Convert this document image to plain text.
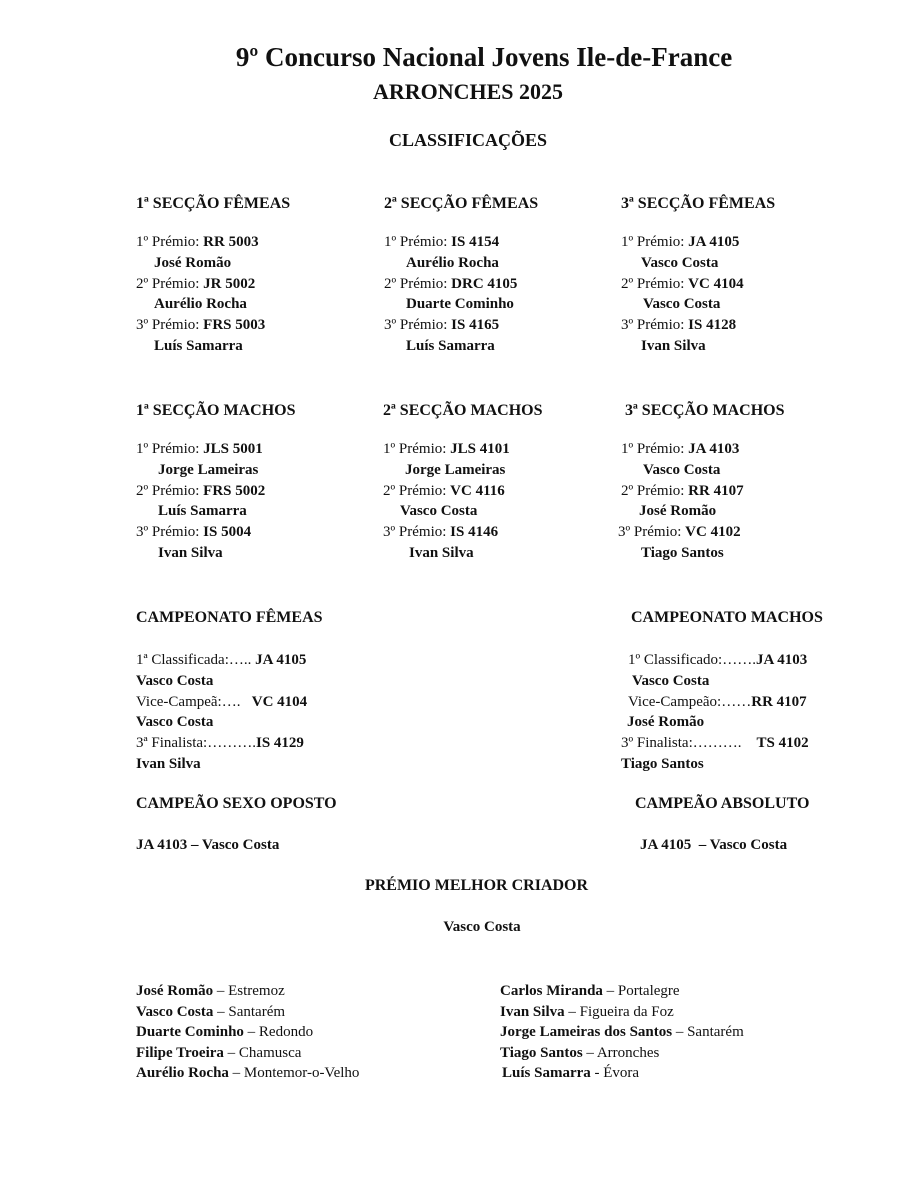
9º Concurso Nacional Jovens Ile-de-France
ARRONCHES 2025
CLASSIFICAÇÕES
1ª SECÇÃO FÊMEAS
1º Prémio: RR 5003
José Romão
2º Prémio: JR 5002
Aurélio Rocha
3º Prémio: FRS 5003
Luís Samarra
2ª SECÇÃO FÊMEAS
1º Prémio: IS 4154
Aurélio Rocha
2º Prémio: DRC 4105
Duarte Cominho
3º Prémio: IS 4165
Luís Samarra
3ª SECÇÃO FÊMEAS
1º Prémio: JA 4105
Vasco Costa
2º Prémio: VC 4104
Vasco Costa
3º Prémio: IS 4128
Ivan Silva
1ª SECÇÃO MACHOS
1º Prémio: JLS 5001
Jorge Lameiras
2º Prémio: FRS 5002
Luís Samarra
3º Prémio: IS 5004
Ivan Silva
2ª SECÇÃO MACHOS
1º Prémio: JLS 4101
Jorge Lameiras
2º Prémio: VC 4116
Vasco Costa
3º Prémio: IS 4146
Ivan Silva
3ª SECÇÃO MACHOS
1º Prémio: JA 4103
Vasco Costa
2º Prémio: RR 4107
José Romão
3º Prémio: VC 4102
Tiago Santos
CAMPEONATO FÊMEAS	CAMPEONATO MACHOS
1ª Classificada:….. JA 4105
Vasco Costa
Vice-Campeã:…. VC 4104
Vasco Costa
3ª Finalista:……….IS 4129
Ivan Silva
1º Classificado:…….JA 4103
Vasco Costa
Vice-Campeão:……RR 4107
José Romão
3º Finalista:………. TS 4102
Tiago Santos
CAMPEÃO SEXO OPOSTO	CAMPEÃO ABSOLUTO
JA 4103 – Vasco Costa	JA 4105  – Vasco Costa
PRÉMIO MELHOR CRIADOR
Vasco Costa
José Romão – Estremoz
Vasco Costa – Santarém
Duarte Cominho – Redondo
Filipe Troeira – Chamusca
Aurélio Rocha – Montemor-o-Velho
Carlos Miranda – Portalegre
Ivan Silva – Figueira da Foz
Jorge Lameiras dos Santos – Santarém
Tiago Santos – Arronches
Luís Samarra - Évora
